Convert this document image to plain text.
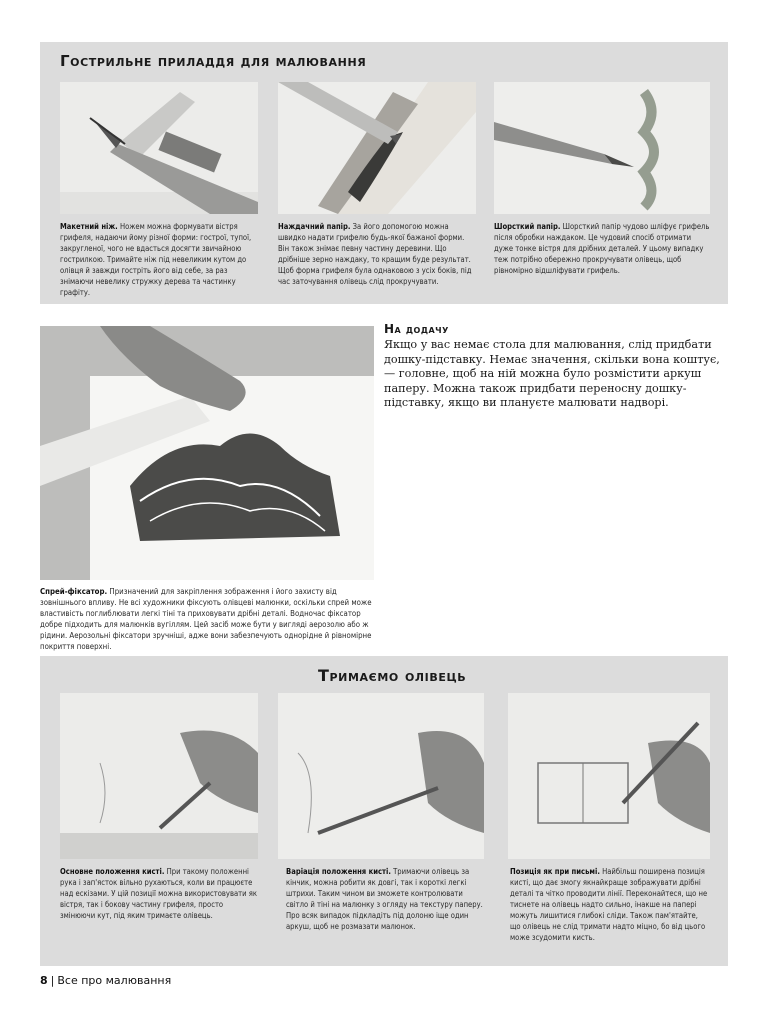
Гострильне приладдя для малювання
Макетний ніж. Ножем можна формувати вістря грифеля, надаючи йому різної форми: гострої, тупої, закругленої, чого не вдасться досягти звичайною гострилкою. Тримайте ніж під невеликим кутом до олівця й завжди гостріть його від себе, за раз знімаючи невелику стружку дерева та частинку графіту.
Наждачний папір. За його допомогою можна швидко надати грифелю будь-якої бажаної форми. Він також знімає певну частину деревини. Що дрібніше зерно наждаку, то кращим буде результат. Щоб форма грифеля була однаковою з усіх боків, під час заточування олівець слід прокручувати.
Шорсткий папір. Шорсткий папір чудово шліфує грифель після обробки наждаком. Це чудовий спосіб отримати дуже тонке вістря для дрібних деталей. У цьому випадку теж потрібно обережно прокручувати олівець, щоб рівномірно відшліфувати грифель.
Спрей-фіксатор. Призначений для закріплення зображення і його захисту від зовнішнього впливу. Не всі художники фіксують олівцеві малюнки, оскільки спрей може властивість поглиблювати легкі тіні та приховувати дрібні деталі. Водночас фіксатор добре підходить для малюнків вугіллям. Цей засіб може бути у вигляді аерозолю або ж рідини. Аерозольні фіксатори зручніші, адже вони забезпечують однорідне й рівномірне покриття поверхні.
На додачу
Якщо у вас немає стола для малювання, слід придбати дошку-підставку. Немає значення, скільки вона коштує, — головне, щоб на ній можна було розмістити аркуш паперу. Можна також придбати переносну дошку-підставку, якщо ви плануєте малювати надворі.
Тримаємо олівець
Основне положення кисті. При такому положенні рука і зап'ясток вільно рухаються, коли ви працюєте над ескізами. У цій позиції можна використовувати як вістря, так і бокову частину грифеля, просто змінюючи кут, під яким тримаєте олівець.
Варіація положення кисті. Тримаючи олівець за кінчик, можна робити як довгі, так і короткі легкі штрихи. Таким чином ви зможете контролювати світло й тіні на малюнку з огляду на текстуру паперу. Про всяк випадок підкладіть під долоню іще один аркуш, щоб не розмазати малюнок.
Позиція як при письмі. Найбільш поширена позиція кисті, що дає змогу якнайкраще зображувати дрібні деталі та чітко проводити лінії. Переконайтеся, що не тиснете на олівець надто сильно, інакше на папері можуть лишитися глибокі сліди. Також пам'ятайте, що олівець не слід тримати надто міцно, бо від цього може зсудомити кисть.
8 | Все про малювання
